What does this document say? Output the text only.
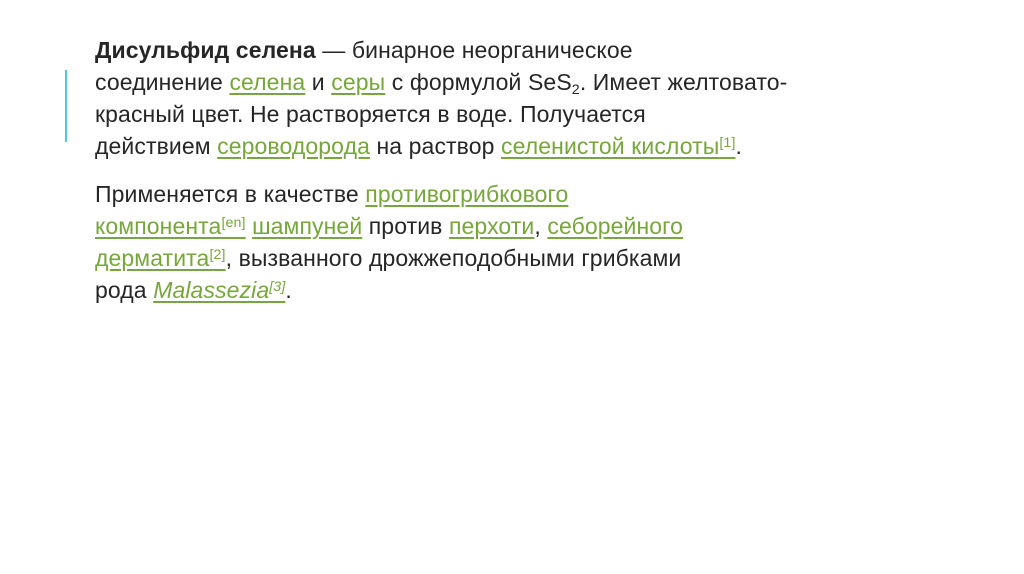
Дисульфид селена — бинарное неорганическое
соединение селена и серы с формулой SeS2. Имеет желтовато-
красный цвет. Не растворяется в воде. Получается
действием сероводорода на раствор селенистой кислоты[1].

Применяется в качестве противогрибкового
компонента[en] шампуней против перхоти, себорейного
дерматита[2], вызванного дрожжеподобными грибками
рода Malassezia[3].
